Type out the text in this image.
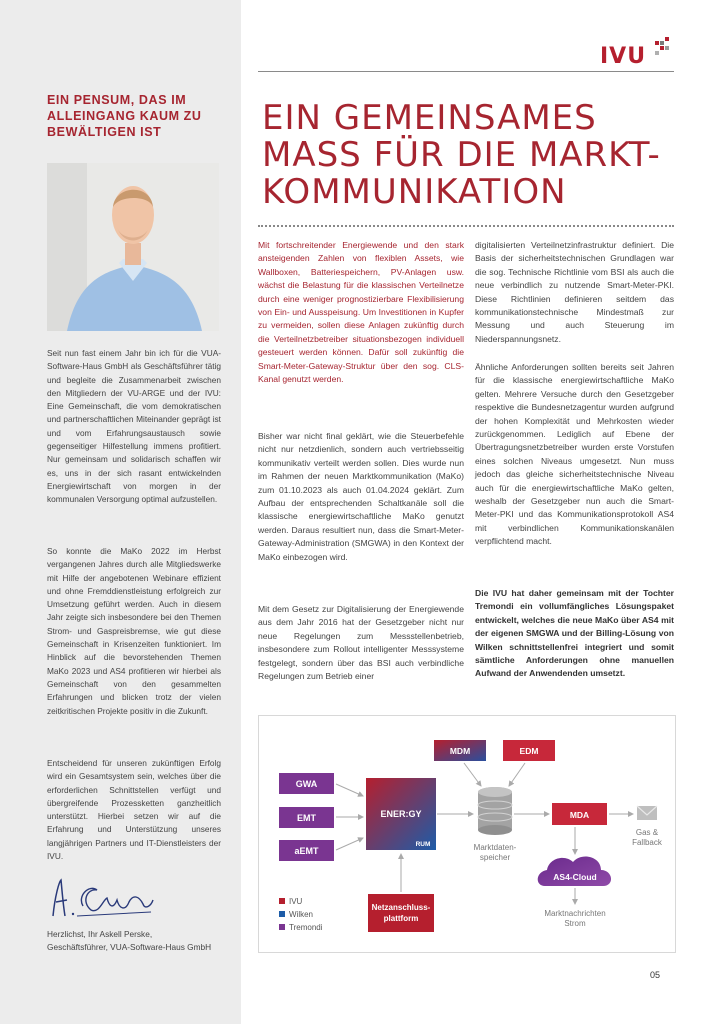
EIN PENSUM, DAS IM ALLEINGANG KAUM ZU BEWÄLTIGEN IST

Seit nun fast einem Jahr bin ich für die VUA-Software-Haus GmbH als Geschäftsführer tätig und begleite die Zusammenarbeit zwischen den Mitgliedern der VU-ARGE und der IVU: Eine Gemeinschaft, die vom demokratischen und partnerschaftlichen Miteinander geprägt ist und vom Erfahrungsaustausch sowie gegenseitiger Hilfestellung immens profitiert. Nur gemeinsam und solidarisch schaffen wir es, uns in der sich rasant entwickelnden Energiewirtschaft von morgen in der kommunalen Versorgung optimal aufzustellen.

So konnte die MaKo 2022 im Herbst vergangenen Jahres durch alle Mitgliedswerke mit Hilfe der angebotenen Webinare effizient und ohne Fremddienstleistung erfolgreich zur Umsetzung geführt werden. Auch in diesem Jahr zeigte sich insbesondere bei den Themen Strom- und Gaspreisbremse, wie gut diese Gemeinschaft in Krisenzeiten funktioniert. Im Hinblick auf die bevorstehenden Themen MaKo 2023 und AS4 profitieren wir hierbei als Gemeinschaft von den gesammelten Erfahrungen und blicken trotz der vielen zeitkritischen Projekte positiv in die Zukunft.

Entscheidend für unseren zukünftigen Erfolg wird ein Gesamtsystem sein, welches über die erforderlichen Schnittstellen verfügt und übergreifende Prozessketten ganzheitlich unterstützt. Hierbei setzen wir auf die Erfahrung und Unterstützung unseres langjährigen Partners und IT-Dienstleisters der IVU.

Herzlichst, Ihr Askell Perske,
Geschäftsführer, VUA-Software-Haus GmbH

IVU
EIN GEMEINSAMES MASS FÜR DIE MARKT-KOMMUNIKATION

Mit fortschreitender Energiewende und den stark ansteigenden Zahlen von flexiblen Assets, wie Wallboxen, Batteriespeichern, PV-Anlagen usw. wächst die Belastung für die klassischen Verteilnetze durch eine weniger prognostizierbare Flexibilisierung von Ein- und Ausspeisung. Um Investitionen in Kupfer zu vermeiden, sollen diese Anlagen zukünftig durch die Verteilnetzbetreiber situationsbezogen individuell gesteuert werden können. Dafür soll zukünftig die Smart-Meter-Gateway-Struktur über den sog. CLS-Kanal genutzt werden.

Bisher war nicht final geklärt, wie die Steuerbefehle nicht nur netzdienlich, sondern auch vertriebsseitig kommunikativ verteilt werden sollen. Dies wurde nun im Rahmen der neuen Marktkommunikation (MaKo) zum 01.10.2023 als auch 01.04.2024 geklärt. Zum Aufbau der entsprechenden Schaltkanäle soll die klassische energiewirtschaftliche MaKo genutzt werden. Daraus resultiert nun, dass die Smart-Meter-Gateway-Administration (SMGWA) in den Kontext der MaKo einbezogen wird.

Mit dem Gesetz zur Digitalisierung der Energiewende aus dem Jahr 2016 hat der Gesetzgeber nicht nur neue Regelungen zum Messstellenbetrieb, insbesondere zum Rollout intelligenter Messsysteme festgelegt, sondern über das BSI auch verbindliche Regelungen zum Betrieb einer

digitalisierten Verteilnetzinfrastruktur definiert. Die Basis der sicherheitstechnischen Grundlagen war die sog. Technische Richtlinie vom BSI als auch die neue verbindlich zu nutzende Smart-Meter-PKI. Diese Richtlinien definieren seitdem das kommunikationstechnische Mindestmaß zur Messung und auch Steuerung im Niederspannungsnetz.

Ähnliche Anforderungen sollten bereits seit Jahren für die klassische energiewirtschaftliche MaKo gelten. Mehrere Versuche durch den Gesetzgeber respektive die Bundesnetzagentur wurden aufgrund der hohen Komplexität und Mehrkosten wieder zurückgenommen. Lediglich auf Ebene der Übertragungsnetzbetreiber wurden erste Vorstufen eines solchen Niveaus umgesetzt. Nun muss jedoch das gleiche sicherheitstechnische Niveau auch für die energiewirtschaftliche MaKo gelten, weshalb der Gesetzgeber nun auch die Smart-Meter-PKI und das Kommunikationsprotokoll AS4 mit verbindlichen Kommunikationskanälen verpflichtend macht.

Die IVU hat daher gemeinsam mit der Tochter Tremondi ein vollumfängliches Lösungspaket entwickelt, welches die neue MaKo über AS4 mit der eigenen SMGWA und der Billing-Lösung von Wilken schnittstellenfrei integriert und somit sämtliche Anforderungen ohne manuellen Aufwand der Anwendenden umsetzt.

GWA
EMT
aEMT
ENER:GY
RUM
MDM	EDM
Marktdaten-
speicher
MDA
Gas &
Fallback
AS4-Cloud
Marktnachrichten
Strom
Netzanschluss-
plattform
IVU
Wilken
Tremondi
05
